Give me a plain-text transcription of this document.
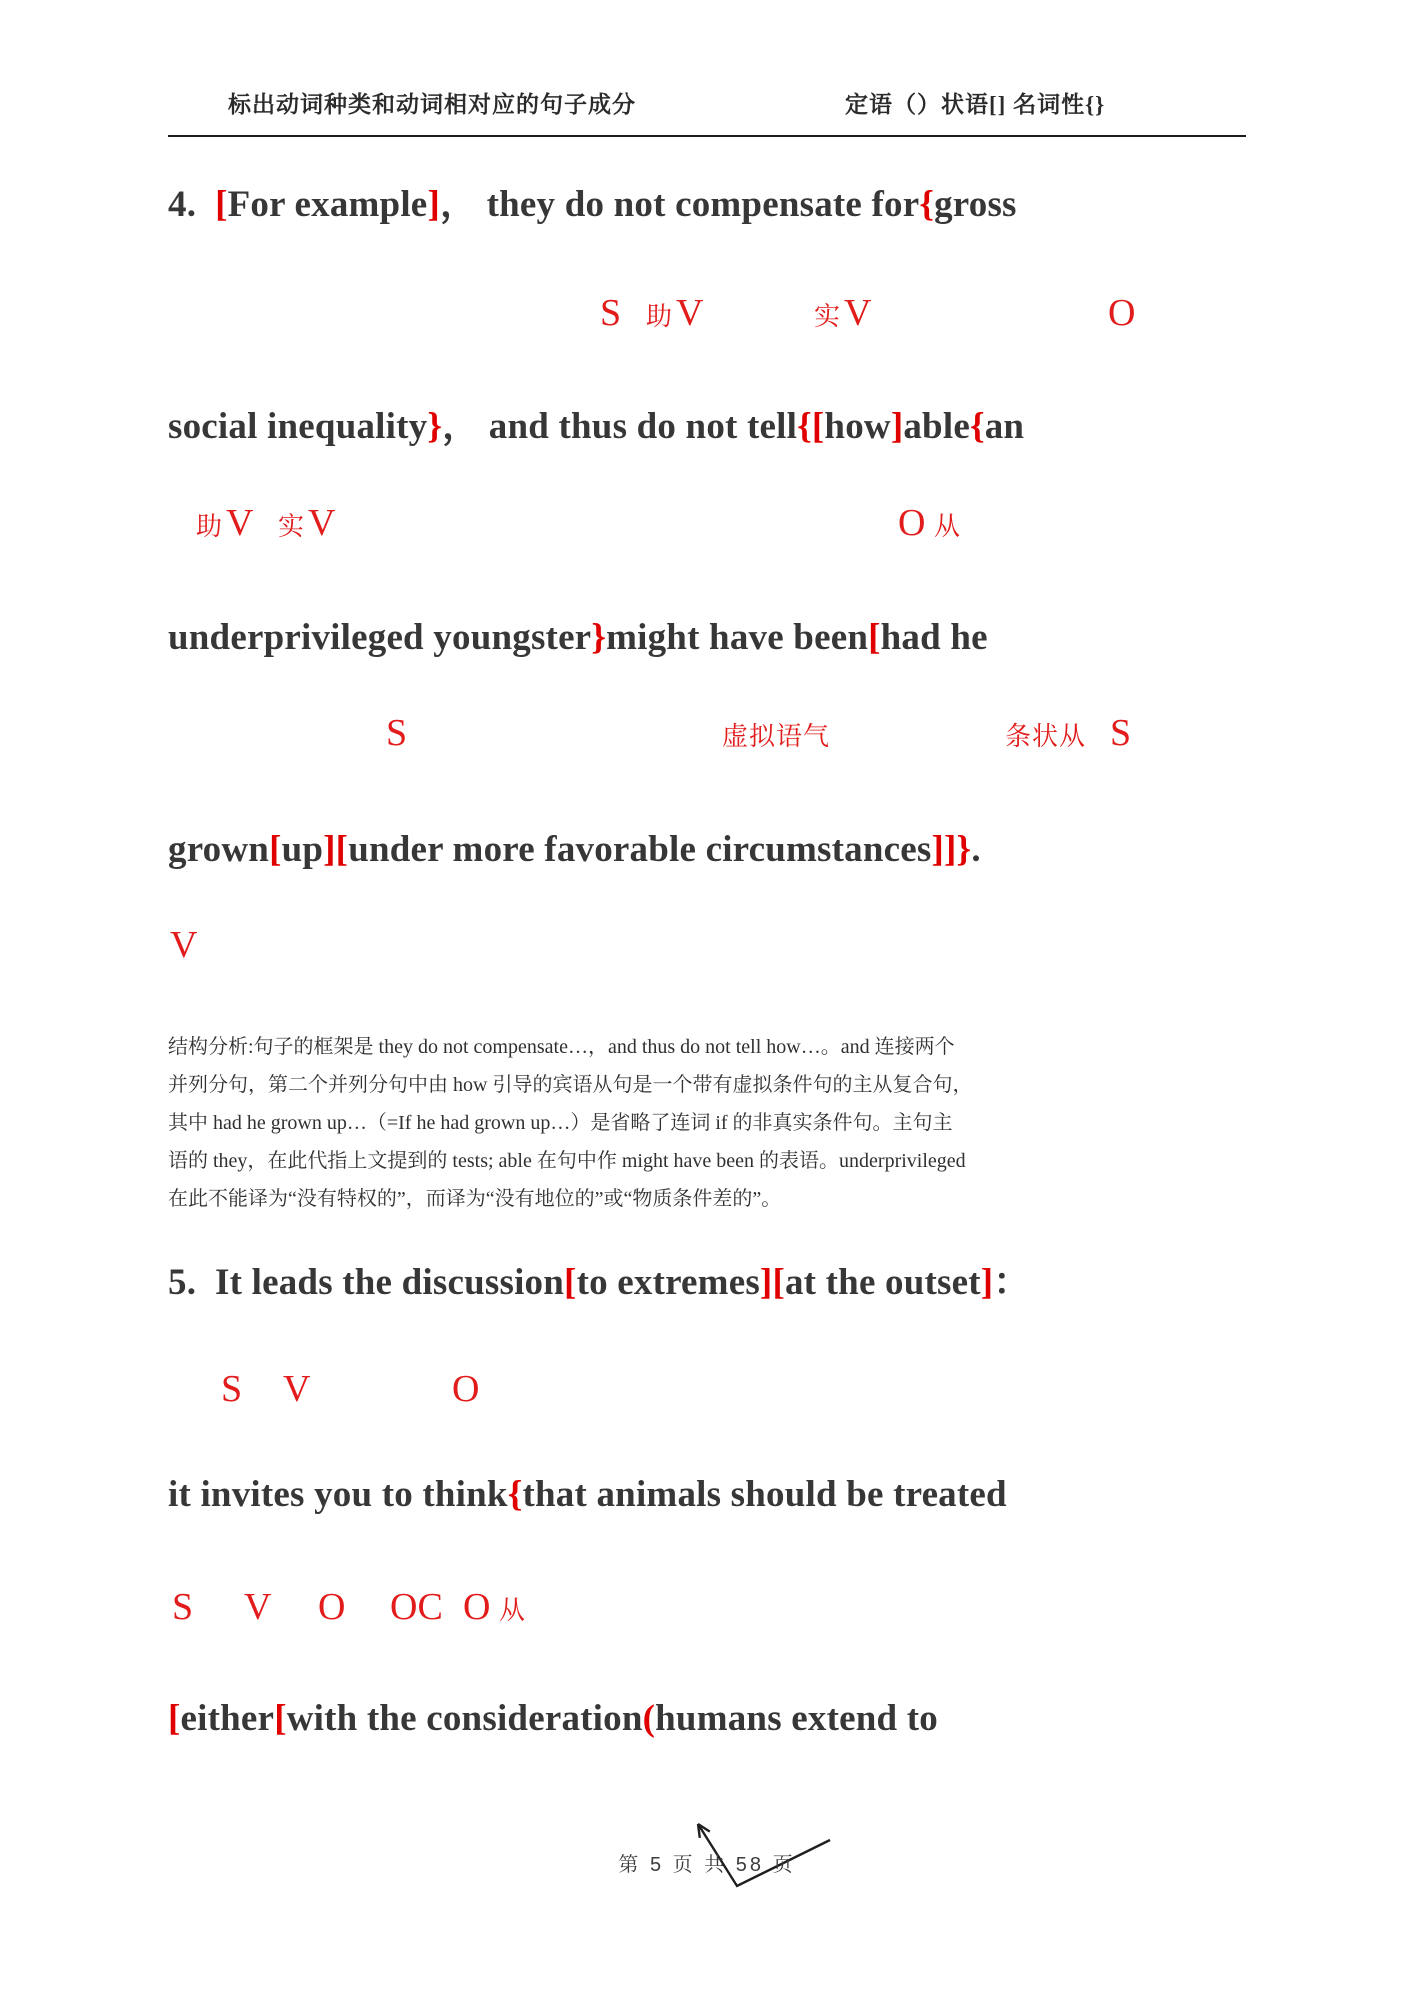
标出动词种类和动词相对应的句子成分	定语（）状语[] 名词性{}
4.  [For example]， they do not compensate for{gross
S 助 V	实 V	O
social inequality}， and thus do not tell{[how]able{an
助 V 实 V	O 从
underprivileged youngster}might have been[had he
S	虚拟语气	条状从 S
grown[up][under more favorable circumstances]]}.
V
结构分析:句子的框架是 they do not compensate…，and thus do not tell how…。and 连接两个
并列分句，第二个并列分句中由 how 引导的宾语从句是一个带有虚拟条件句的主从复合句，
其中 had he grown up…（=If he had grown up…）是省略了连词 if 的非真实条件句。主句主
语的 they，在此代指上文提到的 tests; able 在句中作 might have been 的表语。underprivileged
在此不能译为“没有特权的”，而译为“没有地位的”或“物质条件差的”。
5.  It leads the discussion[to extremes][at the outset]：
S V	O
it invites you to think{that animals should be treated
S V O OC O 从
[either[with the consideration(humans extend to
第 5 页 共 58 页
